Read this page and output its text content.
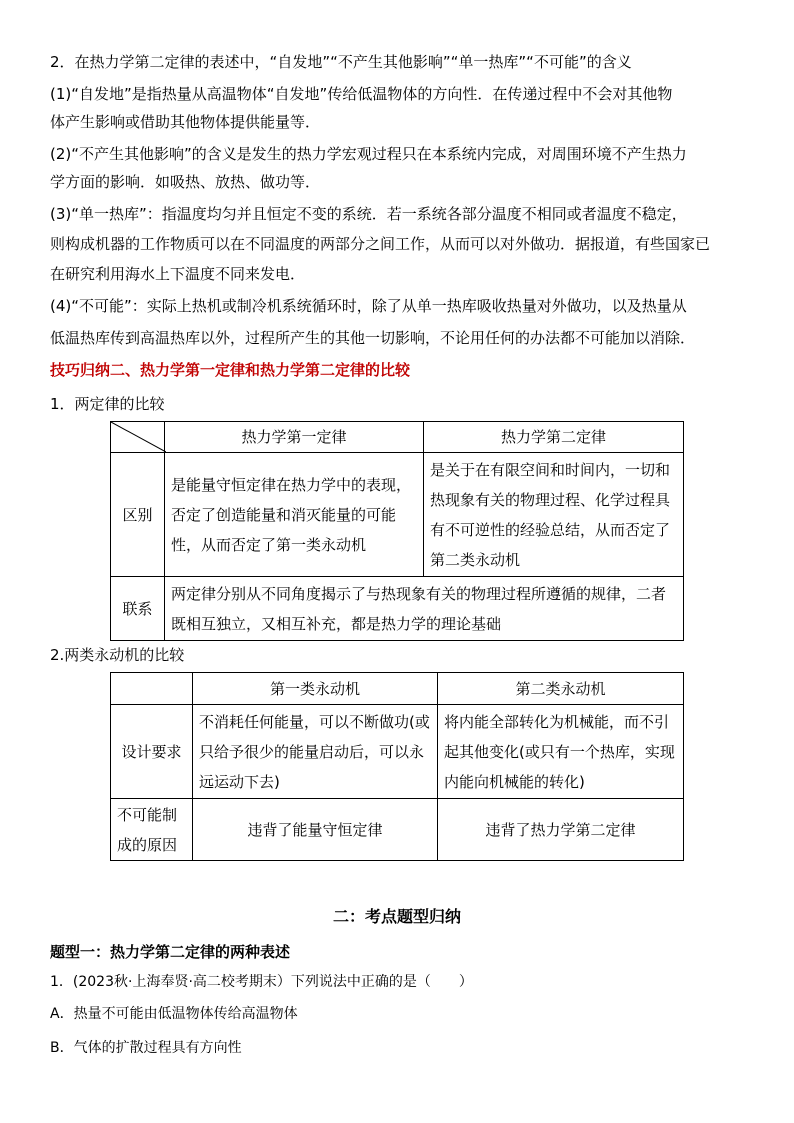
2．在热力学第二定律的表述中，“自发地”“不产生其他影响”“单一热库”“不可能”的含义
(1)“自发地”是指热量从高温物体“自发地”传给低温物体的方向性．在传递过程中不会对其他物
体产生影响或借助其他物体提供能量等．
(2)“不产生其他影响”的含义是发生的热力学宏观过程只在本系统内完成，对周围环境不产生热力
学方面的影响．如吸热、放热、做功等．
(3)“单一热库”：指温度均匀并且恒定不变的系统．若一系统各部分温度不相同或者温度不稳定，
则构成机器的工作物质可以在不同温度的两部分之间工作，从而可以对外做功．据报道，有些国家已
在研究利用海水上下温度不同来发电．
(4)“不可能”：实际上热机或制冷机系统循环时，除了从单一热库吸收热量对外做功，以及热量从
低温热库传到高温热库以外，过程所产生的其他一切影响，不论用任何的办法都不可能加以消除．
技巧归纳二、热力学第一定律和热力学第二定律的比较
1．两定律的比较
	热力学第一定律	热力学第二定律
区别	是能量守恒定律在热力学中的表现，否定了创造能量和消灭能量的可能性，从而否定了第一类永动机	是关于在有限空间和时间内，一切和热现象有关的物理过程、化学过程具有不可逆性的经验总结，从而否定了第二类永动机
联系	两定律分别从不同角度揭示了与热现象有关的物理过程所遵循的规律，二者既相互独立，又相互补充，都是热力学的理论基础	
2.两类永动机的比较
	第一类永动机	第二类永动机
设计要求	不消耗任何能量，可以不断做功(或只给予很少的能量启动后，可以永远运动下去)	将内能全部转化为机械能，而不引起其他变化(或只有一个热库，实现内能向机械能的转化)
不可能制成的原因	违背了能量守恒定律	违背了热力学第二定律
二：考点题型归纳
题型一：热力学第二定律的两种表述
1．(2023秋·上海奉贤·高二校考期末）下列说法中正确的是（　　）
A．热量不可能由低温物体传给高温物体
B．气体的扩散过程具有方向性
